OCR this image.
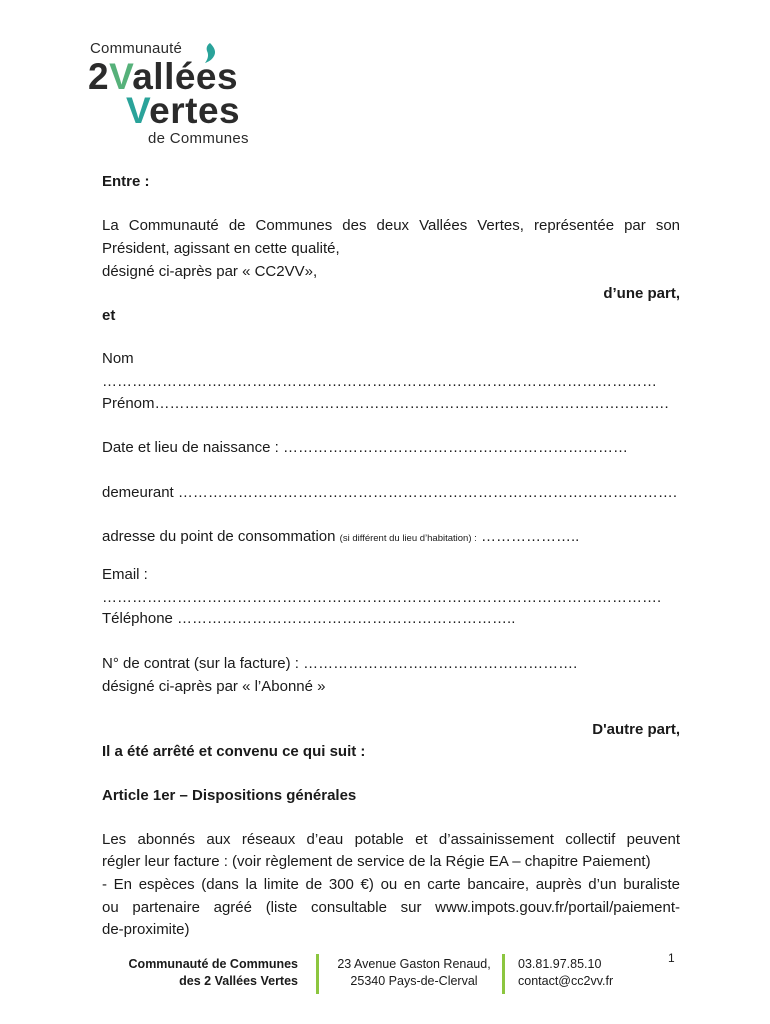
Communauté
2Vallées
Vertes
de Communes
Entre :
La Communauté de Communes des deux Vallées Vertes, représentée par son
Président, agissant en cette qualité,
désigné ci-après par « CC2VV»,
d’une part,
et
Nom …………………………………………………………………………………………………
Prénom………………………………………………………………………………………….
Date et lieu de naissance : ……………………………………………………………
demeurant ……………………………………………………………………………………….
adresse du point de consommation (si différent du lieu d’habitation) : ………………..
Email : ………………………………………………………………………………………………….
Téléphone …………………………………………………………..
N° de contrat (sur la facture) : ……………………………………………….
désigné ci-après par « l’Abonné »
D'autre part,
Il a été arrêté et convenu ce qui suit :
Article 1er – Dispositions générales
Les abonnés aux réseaux d’eau potable et d’assainissement collectif peuvent
régler leur facture : (voir règlement de service de la Régie EA – chapitre Paiement)
- En espèces (dans la limite de 300 €) ou en carte bancaire, auprès d’un buraliste
ou partenaire agréé (liste consultable sur www.impots.gouv.fr/portail/paiement-
de-proximite)
Communauté de Communes
des 2 Vallées Vertes
23 Avenue Gaston Renaud,
25340 Pays-de-Clerval
03.81.97.85.10
contact@cc2vv.fr
1
